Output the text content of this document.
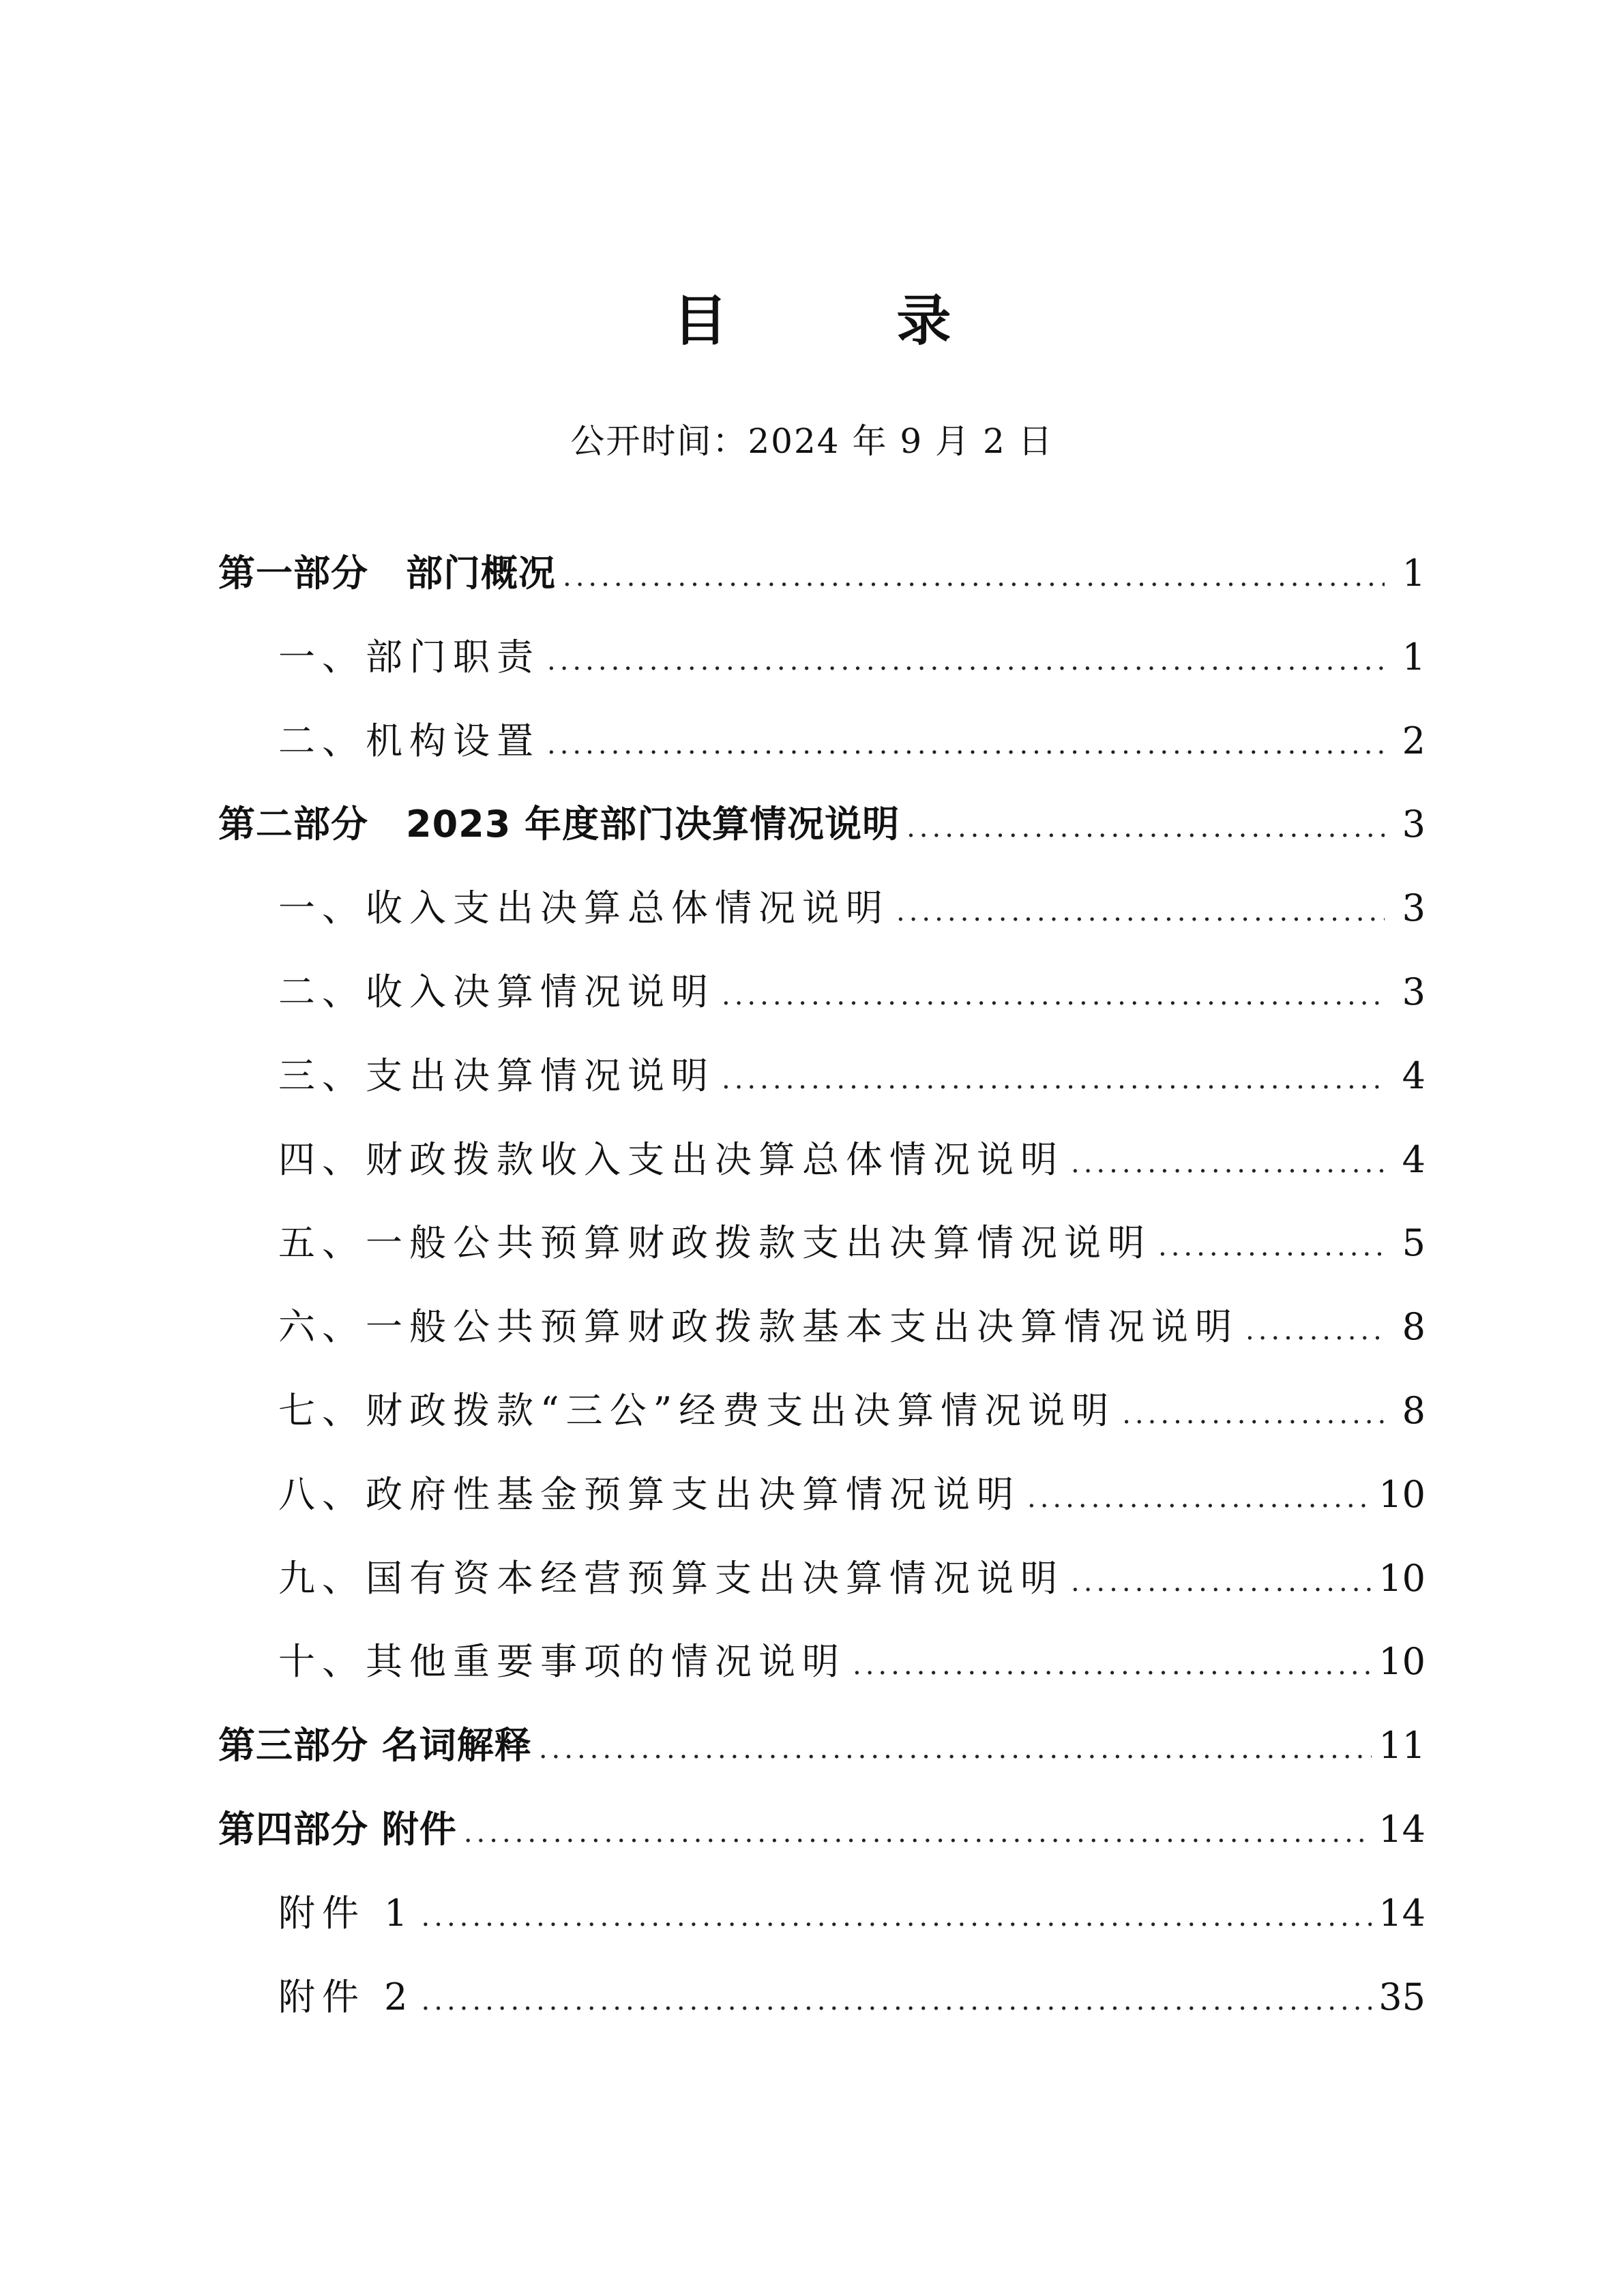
目 录
公开时间：2024 年 9 月 2 日
第一部分　部门概况 .....	1
一、部门职责 .....	1
二、机构设置 .....	2
第二部分　2023 年度部门决算情况说明 .....	3
一、收入支出决算总体情况说明 .....	3
二、收入决算情况说明 .....	3
三、支出决算情况说明 .....	4
四、财政拨款收入支出决算总体情况说明 .....	4
五、一般公共预算财政拨款支出决算情况说明 .....	5
六、一般公共预算财政拨款基本支出决算情况说明 .....	8
七、财政拨款“三公”经费支出决算情况说明 .....	8
八、政府性基金预算支出决算情况说明 .....	10
九、国有资本经营预算支出决算情况说明 .....	10
十、其他重要事项的情况说明 .....	10
第三部分 名词解释 .....	11
第四部分 附件 .....	14
附件 1 .....	14
附件 2 .....	35
